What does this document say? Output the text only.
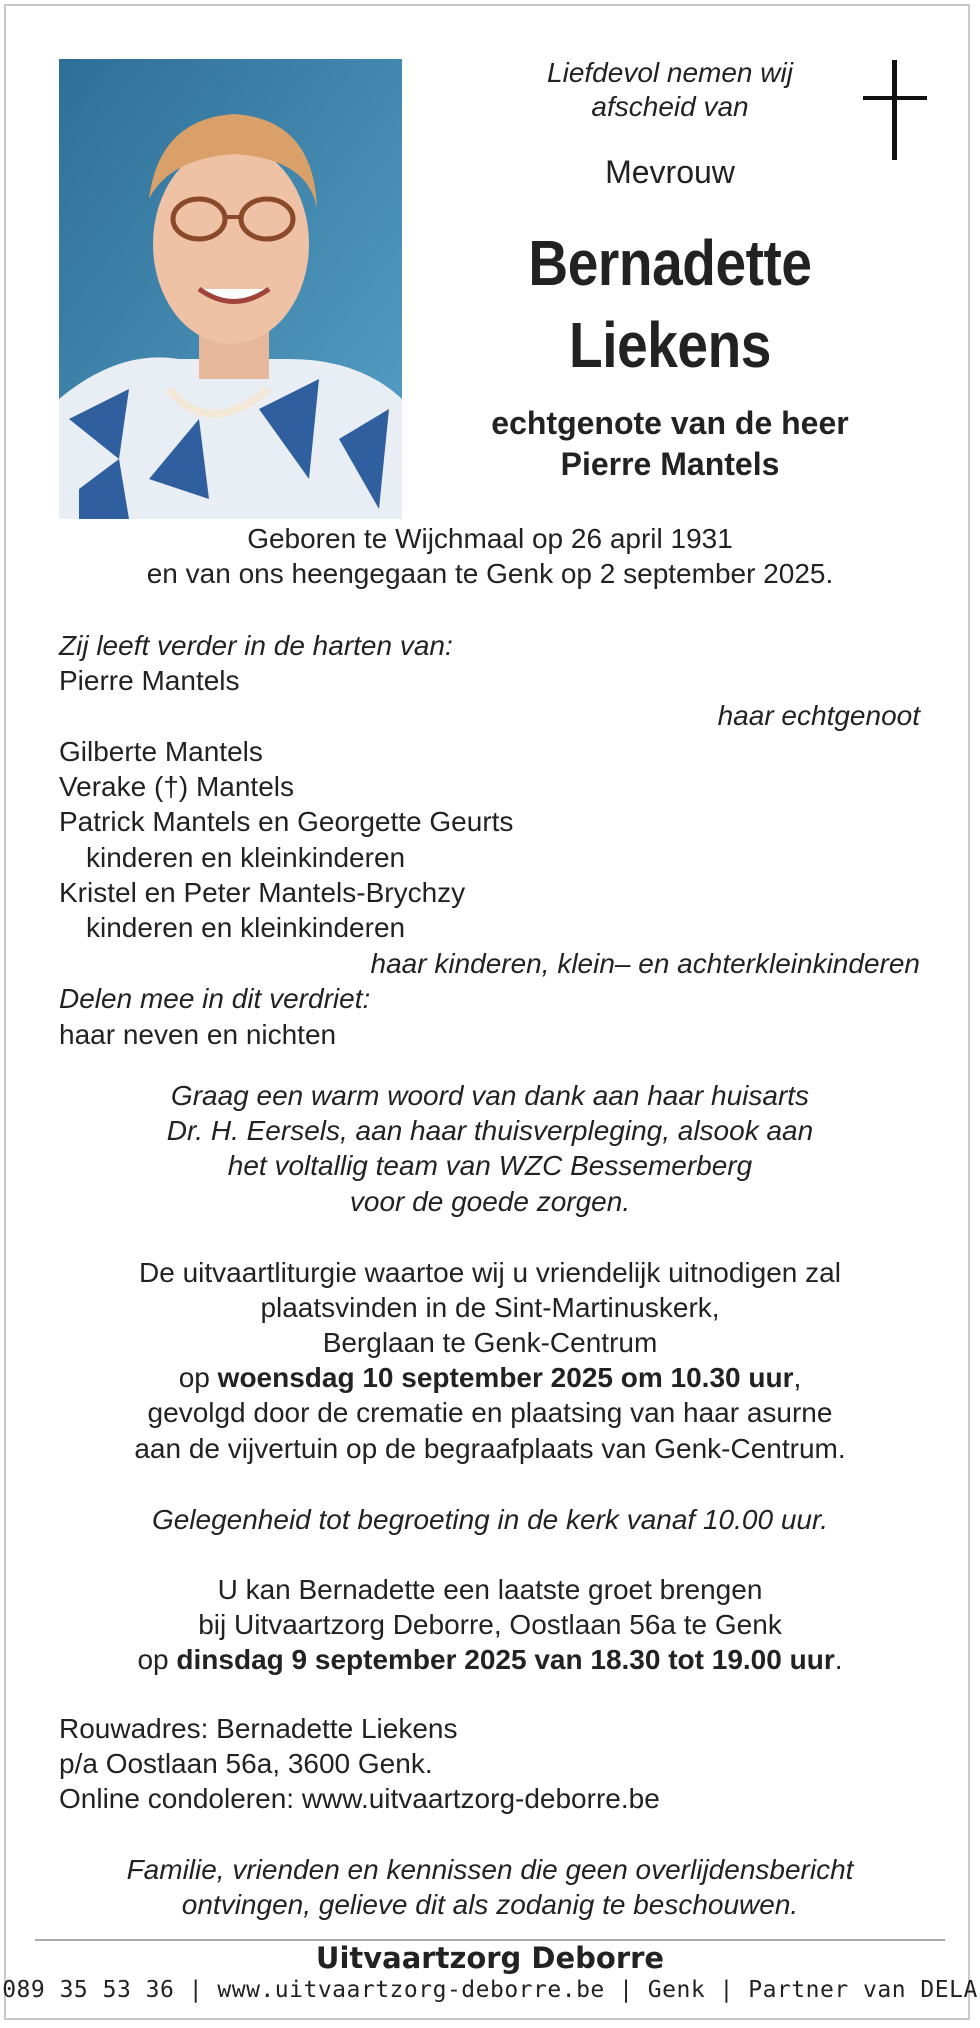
Liefdevol nemen wij
afscheid van
Mevrouw
Bernadette
Liekens
echtgenote van de heer
Pierre Mantels
Geboren te Wijchmaal op 26 april 1931
en van ons heengegaan te Genk op 2 september 2025.
Zij leeft verder in de harten van:
Pierre Mantels
haar echtgenoot
Gilberte Mantels
Verake (†) Mantels
Patrick Mantels en Georgette Geurts
kinderen en kleinkinderen
Kristel en Peter Mantels-Brychzy
kinderen en kleinkinderen
haar kinderen, klein– en achterkleinkinderen
Delen mee in dit verdriet:
haar neven en nichten
Graag een warm woord van dank aan haar huisarts
Dr. H. Eersels, aan haar thuisverpleging, alsook aan
het voltallig team van WZC Bessemerberg
voor de goede zorgen.
De uitvaartliturgie waartoe wij u vriendelijk uitnodigen zal
plaatsvinden in de Sint-Martinuskerk,
Berglaan te Genk-Centrum
op woensdag 10 september 2025 om 10.30 uur,
gevolgd door de crematie en plaatsing van haar asurne
aan de vijvertuin op de begraafplaats van Genk-Centrum.
Gelegenheid tot begroeting in de kerk vanaf 10.00 uur.
U kan Bernadette een laatste groet brengen
bij Uitvaartzorg Deborre, Oostlaan 56a te Genk
op dinsdag 9 september 2025 van 18.30 tot 19.00 uur.
Rouwadres: Bernadette Liekens
p/a Oostlaan 56a, 3600 Genk.
Online condoleren: www.uitvaartzorg-deborre.be
Familie, vrienden en kennissen die geen overlijdensbericht
ontvingen, gelieve dit als zodanig te beschouwen.
Uitvaartzorg Deborre
089 35 53 36 | www.uitvaartzorg-deborre.be | Genk | Partner van DELA
